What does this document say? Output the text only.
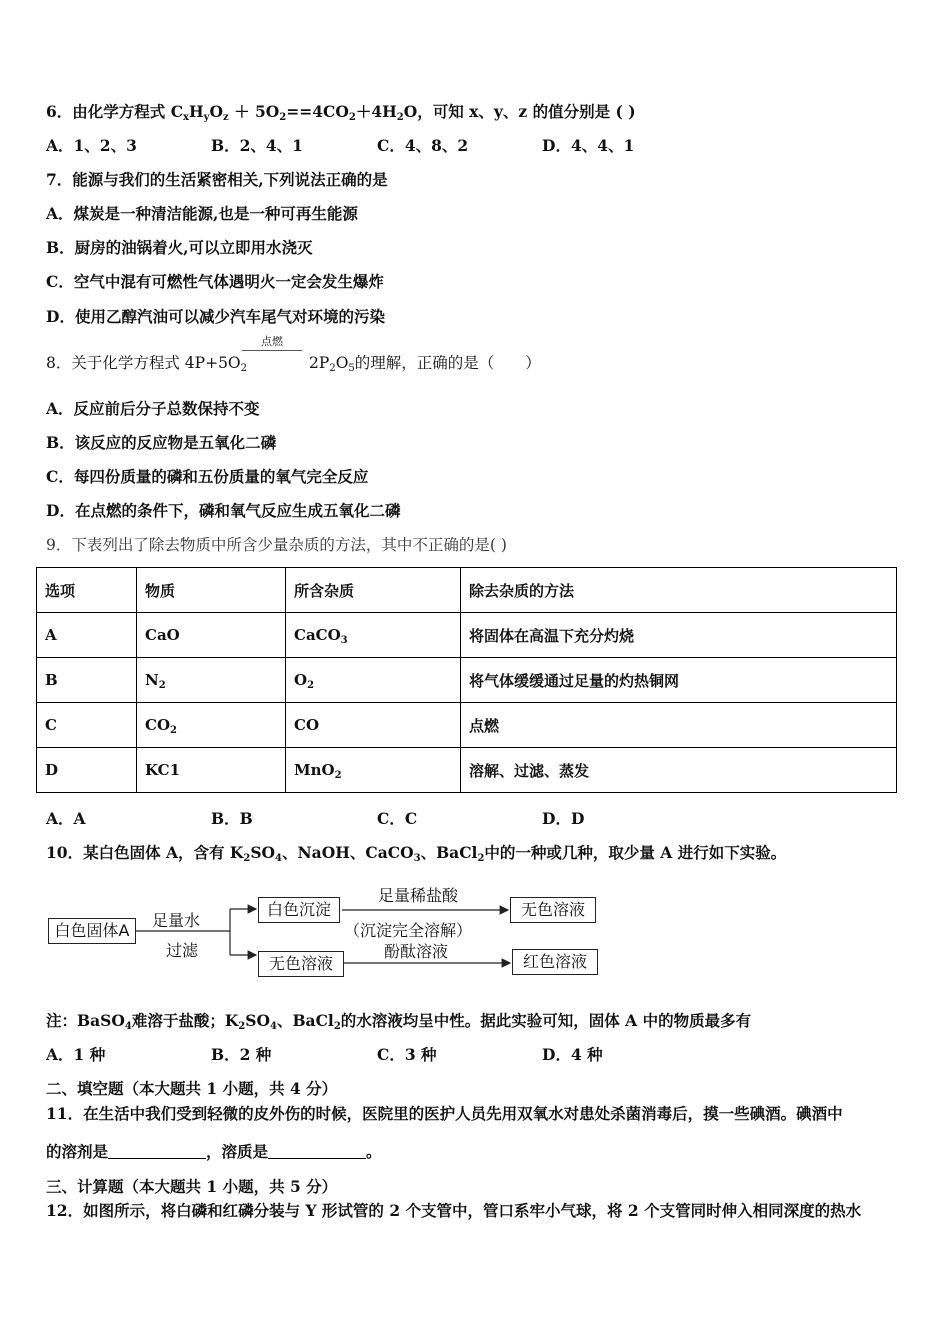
6．由化学方程式 $C_xH_yO_z + 5O_2==4CO_2+4H_2O$，可知 x、y、z 的值分别是 ( )
A．1、2、3	B．2、4、1	C．4、8、2	D．4、4、1
7．能源与我们的生活紧密相关,下列说法正确的是
A．煤炭是一种清洁能源,也是一种可再生能源
B．厨房的油锅着火,可以立即用水浇灭
C．空气中混有可燃性气体遇明火一定会发生爆炸
D．使用乙醇汽油可以减少汽车尾气对环境的污染
8．关于化学方程式 $4P+5O_2$	$2P_2O_5$的理解，正确的是（　　）
点燃
A．反应前后分子总数保持不变
B．该反应的反应物是五氧化二磷
C．每四份质量的磷和五份质量的氧气完全反应
D．在点燃的条件下，磷和氧气反应生成五氧化二磷
9．下表列出了除去物质中所含少量杂质的方法，其中不正确的是( )
选项	物质	所含杂质	除去杂质的方法
A	CaO	CaCO$_3$	将固体在高温下充分灼烧
B	$N_2$	$O_2$	将气体缓缓通过足量的灼热铜网
C	$CO_2$	CO	点燃
D	KC1	MnO$_2$	溶解、过滤、蒸发
A．A	B．B	C．C	D．D
10．某白色固体 A，含有 $K_2SO_4$、NaOH、CaCO$_3$、BaCl$_2$中的一种或几种，取少量 A 进行如下实验。
白色固体A
足量水
过滤
白色沉淀
足量稀盐酸
（沉淀完全溶解）
无色溶液
无色溶液
酚酞溶液
红色溶液
注：BaSO$_4$难溶于盐酸；$K_2SO_4$、BaCl$_2$的水溶液均呈中性。据此实验可知，固体 A 中的物质最多有
A．1 种	B．2 种	C．3 种	D．4 种
二、填空题（本大题共 1 小题，共 4 分）
11．在生活中我们受到轻微的皮外伤的时候，医院里的医护人员先用双氧水对患处杀菌消毒后，摸一些碘酒。碘酒中
的溶剂是	，溶质是	。
三、计算题（本大题共 1 小题，共 5 分）
12．如图所示，将白磷和红磷分装与 Y 形试管的 2 个支管中，管口系牢小气球，将 2 个支管同时伸入相同深度的热水
